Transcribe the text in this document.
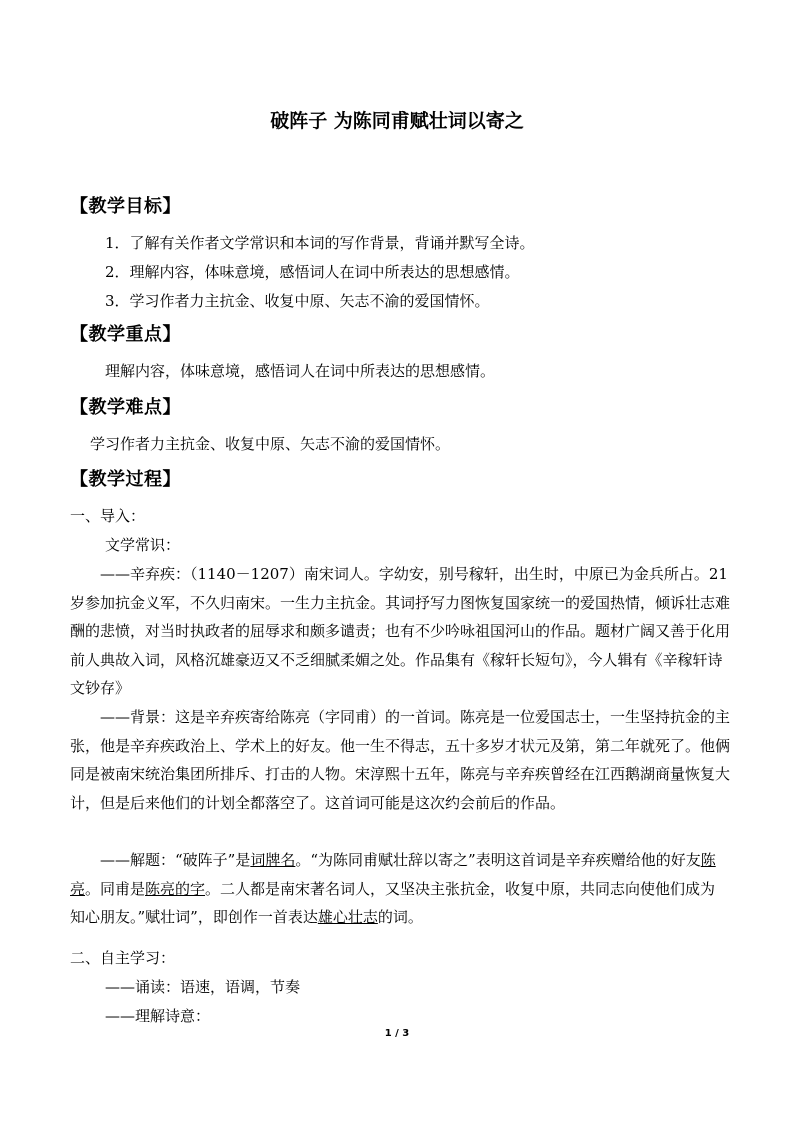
破阵子 为陈同甫赋壮词以寄之
【教学目标】
1．了解有关作者文学常识和本词的写作背景，背诵并默写全诗。
2．理解内容，体味意境，感悟词人在词中所表达的思想感情。
3．学习作者力主抗金、收复中原、矢志不渝的爱国情怀。
【教学重点】
理解内容，体味意境，感悟词人在词中所表达的思想感情。
【教学难点】
学习作者力主抗金、收复中原、矢志不渝的爱国情怀。
【教学过程】
一、导入：
文学常识：

——辛弃疾：（1140－1207）南宋词人。字幼安，别号稼轩，出生时，中原已为金兵所占。21岁参加抗金义军，不久归南宋。一生力主抗金。其词抒写力图恢复国家统一的爱国热情，倾诉壮志难酬的悲愤，对当时执政者的屈辱求和颇多谴责；也有不少吟咏祖国河山的作品。题材广阔又善于化用前人典故入词，风格沉雄豪迈又不乏细腻柔媚之处。作品集有《稼轩长短句》，今人辑有《辛稼轩诗文钞存》

——背景：这是辛弃疾寄给陈亮（字同甫）的一首词。陈亮是一位爱国志士，一生坚持抗金的主张，他是辛弃疾政治上、学术上的好友。他一生不得志，五十多岁才状元及第，第二年就死了。他俩同是被南宋统治集团所排斥、打击的人物。宋淳熙十五年，陈亮与辛弃疾曾经在江西鹅湖商量恢复大计，但是后来他们的计划全都落空了。这首词可能是这次约会前后的作品。

——解题：“破阵子”是词牌名。“为陈同甫赋壮辞以寄之”表明这首词是辛弃疾赠给他的好友陈亮。同甫是陈亮的字。二人都是南宋著名词人，又坚决主张抗金，收复中原，共同志向使他们成为知心朋友。”赋壮词”，即创作一首表达雄心壮志的词。

二、自主学习：
——诵读：语速，语调，节奏
——理解诗意：
1 / 3
